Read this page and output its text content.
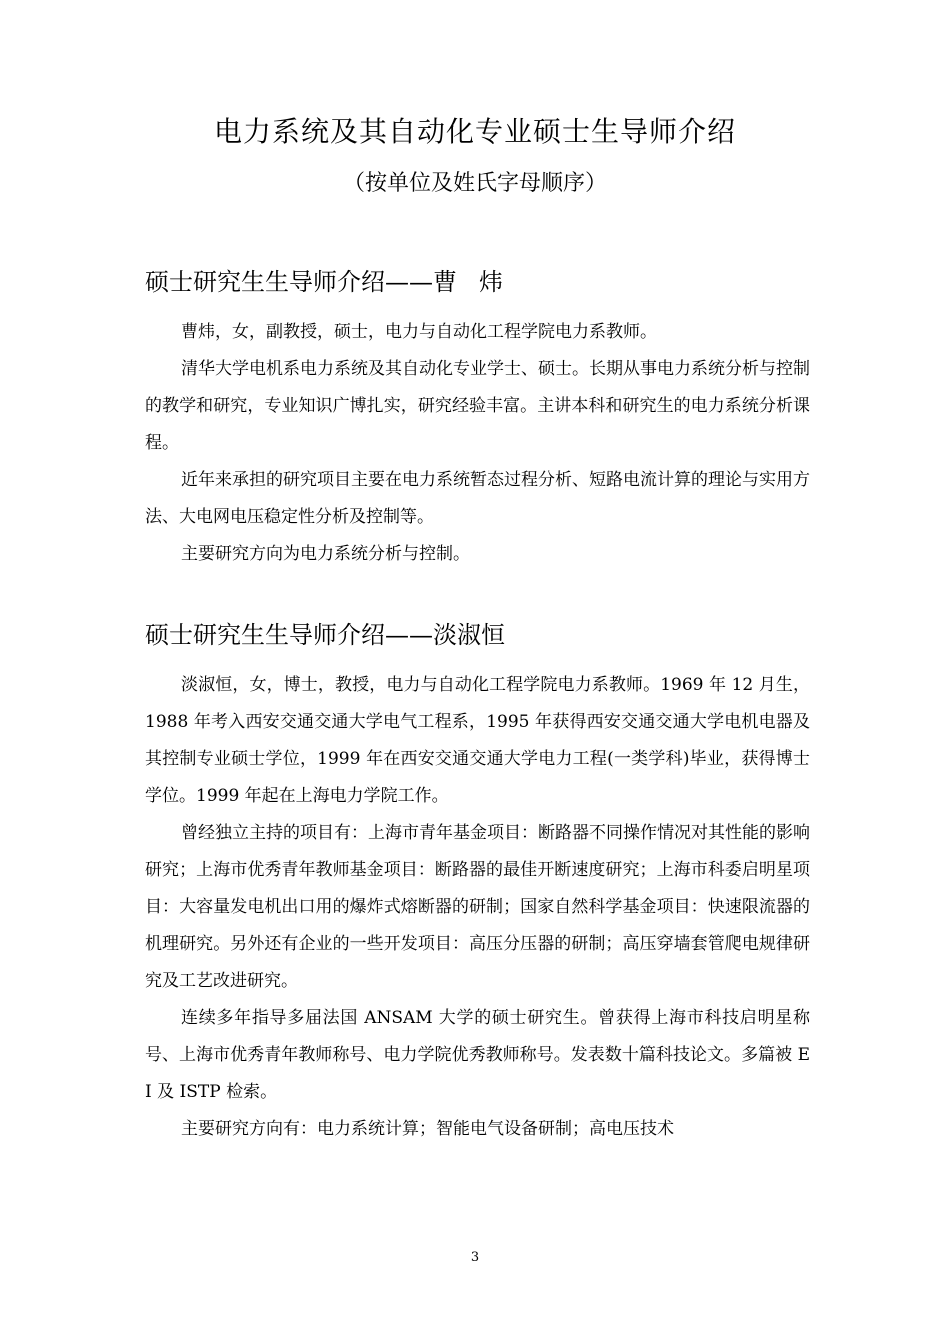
电力系统及其自动化专业硕士生导师介绍
（按单位及姓氏字母顺序）
硕士研究生生导师介绍——曹 炜

曹炜，女，副教授，硕士，电力与自动化工程学院电力系教师。

清华大学电机系电力系统及其自动化专业学士、硕士。长期从事电力系统分析与控制的教学和研究，专业知识广博扎实，研究经验丰富。主讲本科和研究生的电力系统分析课程。

近年来承担的研究项目主要在电力系统暂态过程分析、短路电流计算的理论与实用方法、大电网电压稳定性分析及控制等。

主要研究方向为电力系统分析与控制。

硕士研究生生导师介绍——淡淑恒

淡淑恒，女，博士，教授，电力与自动化工程学院电力系教师。1969 年 12 月生，1988 年考入西安交通交通大学电气工程系，1995 年获得西安交通交通大学电机电器及其控制专业硕士学位，1999 年在西安交通交通大学电力工程(一类学科)毕业，获得博士学位。1999 年起在上海电力学院工作。

曾经独立主持的项目有：上海市青年基金项目：断路器不同操作情况对其性能的影响研究；上海市优秀青年教师基金项目：断路器的最佳开断速度研究；上海市科委启明星项目：大容量发电机出口用的爆炸式熔断器的研制；国家自然科学基金项目：快速限流器的机理研究。另外还有企业的一些开发项目：高压分压器的研制；高压穿墙套管爬电规律研究及工艺改进研究。

连续多年指导多届法国 ANSAM 大学的硕士研究生。曾获得上海市科技启明星称号、上海市优秀青年教师称号、电力学院优秀教师称号。发表数十篇科技论文。多篇被 EI 及 ISTP 检索。

主要研究方向有：电力系统计算；智能电气设备研制；高电压技术

3
